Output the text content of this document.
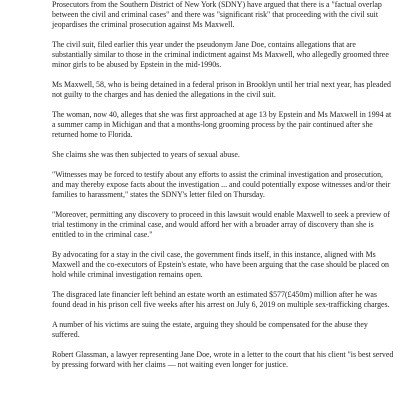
Prosecutors from the Southern District of New York (SDNY) have argued that there is a "factual overlap between the civil and criminal cases" and there was "significant risk" that proceeding with the civil suit jeopardises the criminal prosecution against Ms Maxwell.

The civil suit, filed earlier this year under the pseudonym Jane Doe, contains allegations that are substantially similar to those in the criminal indictment against Ms Maxwell, who allegedly groomed three minor girls to be abused by Epstein in the mid-1990s.

Ms Maxwell, 58, who is being detained in a federal prison in Brooklyn until her trial next year, has pleaded not guilty to the charges and has denied the allegations in the civil suit.

The woman, now 40, alleges that she was first approached at age 13 by Epstein and Ms Maxwell in 1994 at a summer camp in Michigan and that a months-long grooming process by the pair continued after she returned home to Florida.

She claims she was then subjected to years of sexual abuse.

"Witnesses may be forced to testify about any efforts to assist the criminal investigation and prosecution, and may thereby expose facts about the investigation ... and could potentially expose witnesses and/or their families to harassment," states the SDNY's letter filed on Thursday.

"Moreover, permitting any discovery to proceed in this lawsuit would enable Maxwell to seek a preview of trial testimony in the criminal case, and would afford her with a broader array of discovery than she is entitled to in the criminal case."

By advocating for a stay in the civil case, the government finds itself, in this instance, aligned with Ms Maxwell and the co-executors of Epstein's estate, who have been arguing that the case should be placed on hold while criminal investigation remains open.

The disgraced late financier left behind an estate worth an estimated $577(£450m) million after he was found dead in his prison cell five weeks after his arrest on July 6, 2019 on multiple sex-trafficking charges.

A number of his victims are suing the estate, arguing they should be compensated for the abuse they suffered.

Robert Glassman, a lawyer representing Jane Doe, wrote in a letter to the court that his client "is best served by pressing forward with her claims — not waiting even longer for justice.
